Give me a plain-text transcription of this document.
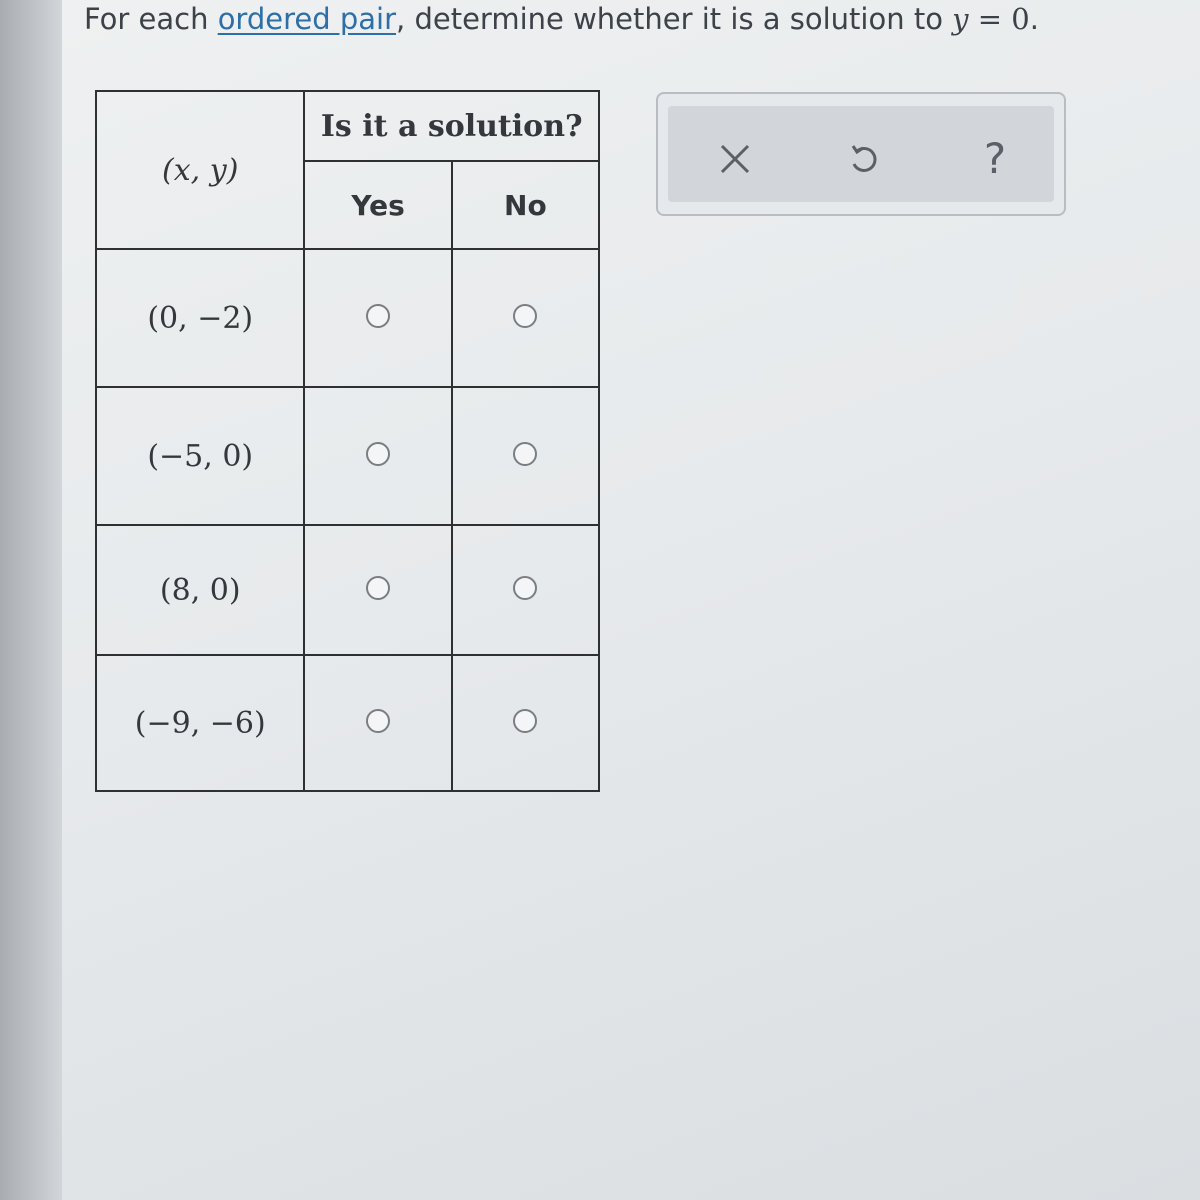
For each ordered pair, determine whether it is a solution to y = 0.
(x, y)	Is it a solution?	
	Yes	No
(0, −2)		
(−5, 0)		
(8, 0)		
(−9, −6)		
?
